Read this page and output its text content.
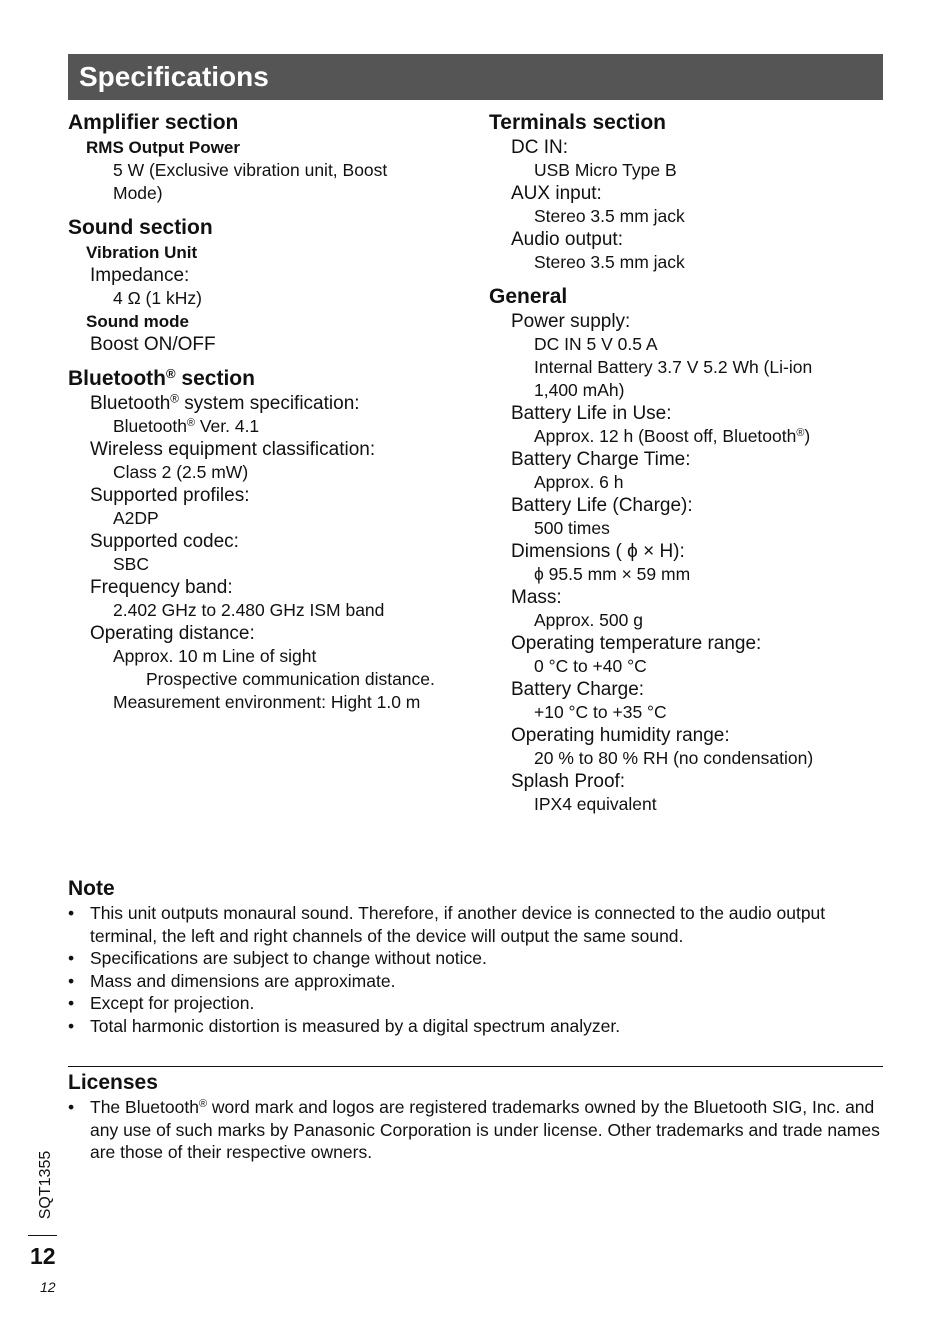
Specifications
Amplifier section
RMS Output Power
5 W (Exclusive vibration unit, Boost
Mode)
Sound section
Vibration Unit
Impedance:
4 Ω (1 kHz)
Sound mode
Boost ON/OFF
Bluetooth® section
Bluetooth® system specification:
Bluetooth® Ver. 4.1
Wireless equipment classification:
Class 2 (2.5 mW)
Supported profiles:
A2DP
Supported codec:
SBC
Frequency band:
2.402 GHz to 2.480 GHz ISM band
Operating distance:
Approx. 10 m Line of sight
Prospective communication distance.
Measurement environment: Hight 1.0 m
Terminals section
DC IN:
USB Micro Type B
AUX input:
Stereo 3.5 mm jack
Audio output:
Stereo 3.5 mm jack
General
Power supply:
DC IN 5 V 0.5 A
Internal Battery 3.7 V 5.2 Wh (Li-ion
1,400 mAh)
Battery Life in Use:
Approx. 12 h (Boost off, Bluetooth®)
Battery Charge Time:
Approx. 6 h
Battery Life (Charge):
500 times
Dimensions ( ϕ × H):
ϕ 95.5 mm × 59 mm
Mass:
Approx. 500 g
Operating temperature range:
0 °C to +40 °C
Battery Charge:
+10 °C to +35 °C
Operating humidity range:
20 % to 80 % RH (no condensation)
Splash Proof:
IPX4 equivalent
Note
• This unit outputs monaural sound. Therefore, if another device is connected to the audio output terminal, the left and right channels of the device will output the same sound.
• Specifications are subject to change without notice.
• Mass and dimensions are approximate.
• Except for projection.
• Total harmonic distortion is measured by a digital spectrum analyzer.
Licenses
• The Bluetooth® word mark and logos are registered trademarks owned by the Bluetooth SIG, Inc. and any use of such marks by Panasonic Corporation is under license. Other trademarks and trade names are those of their respective owners.
SQT1355
12
12
